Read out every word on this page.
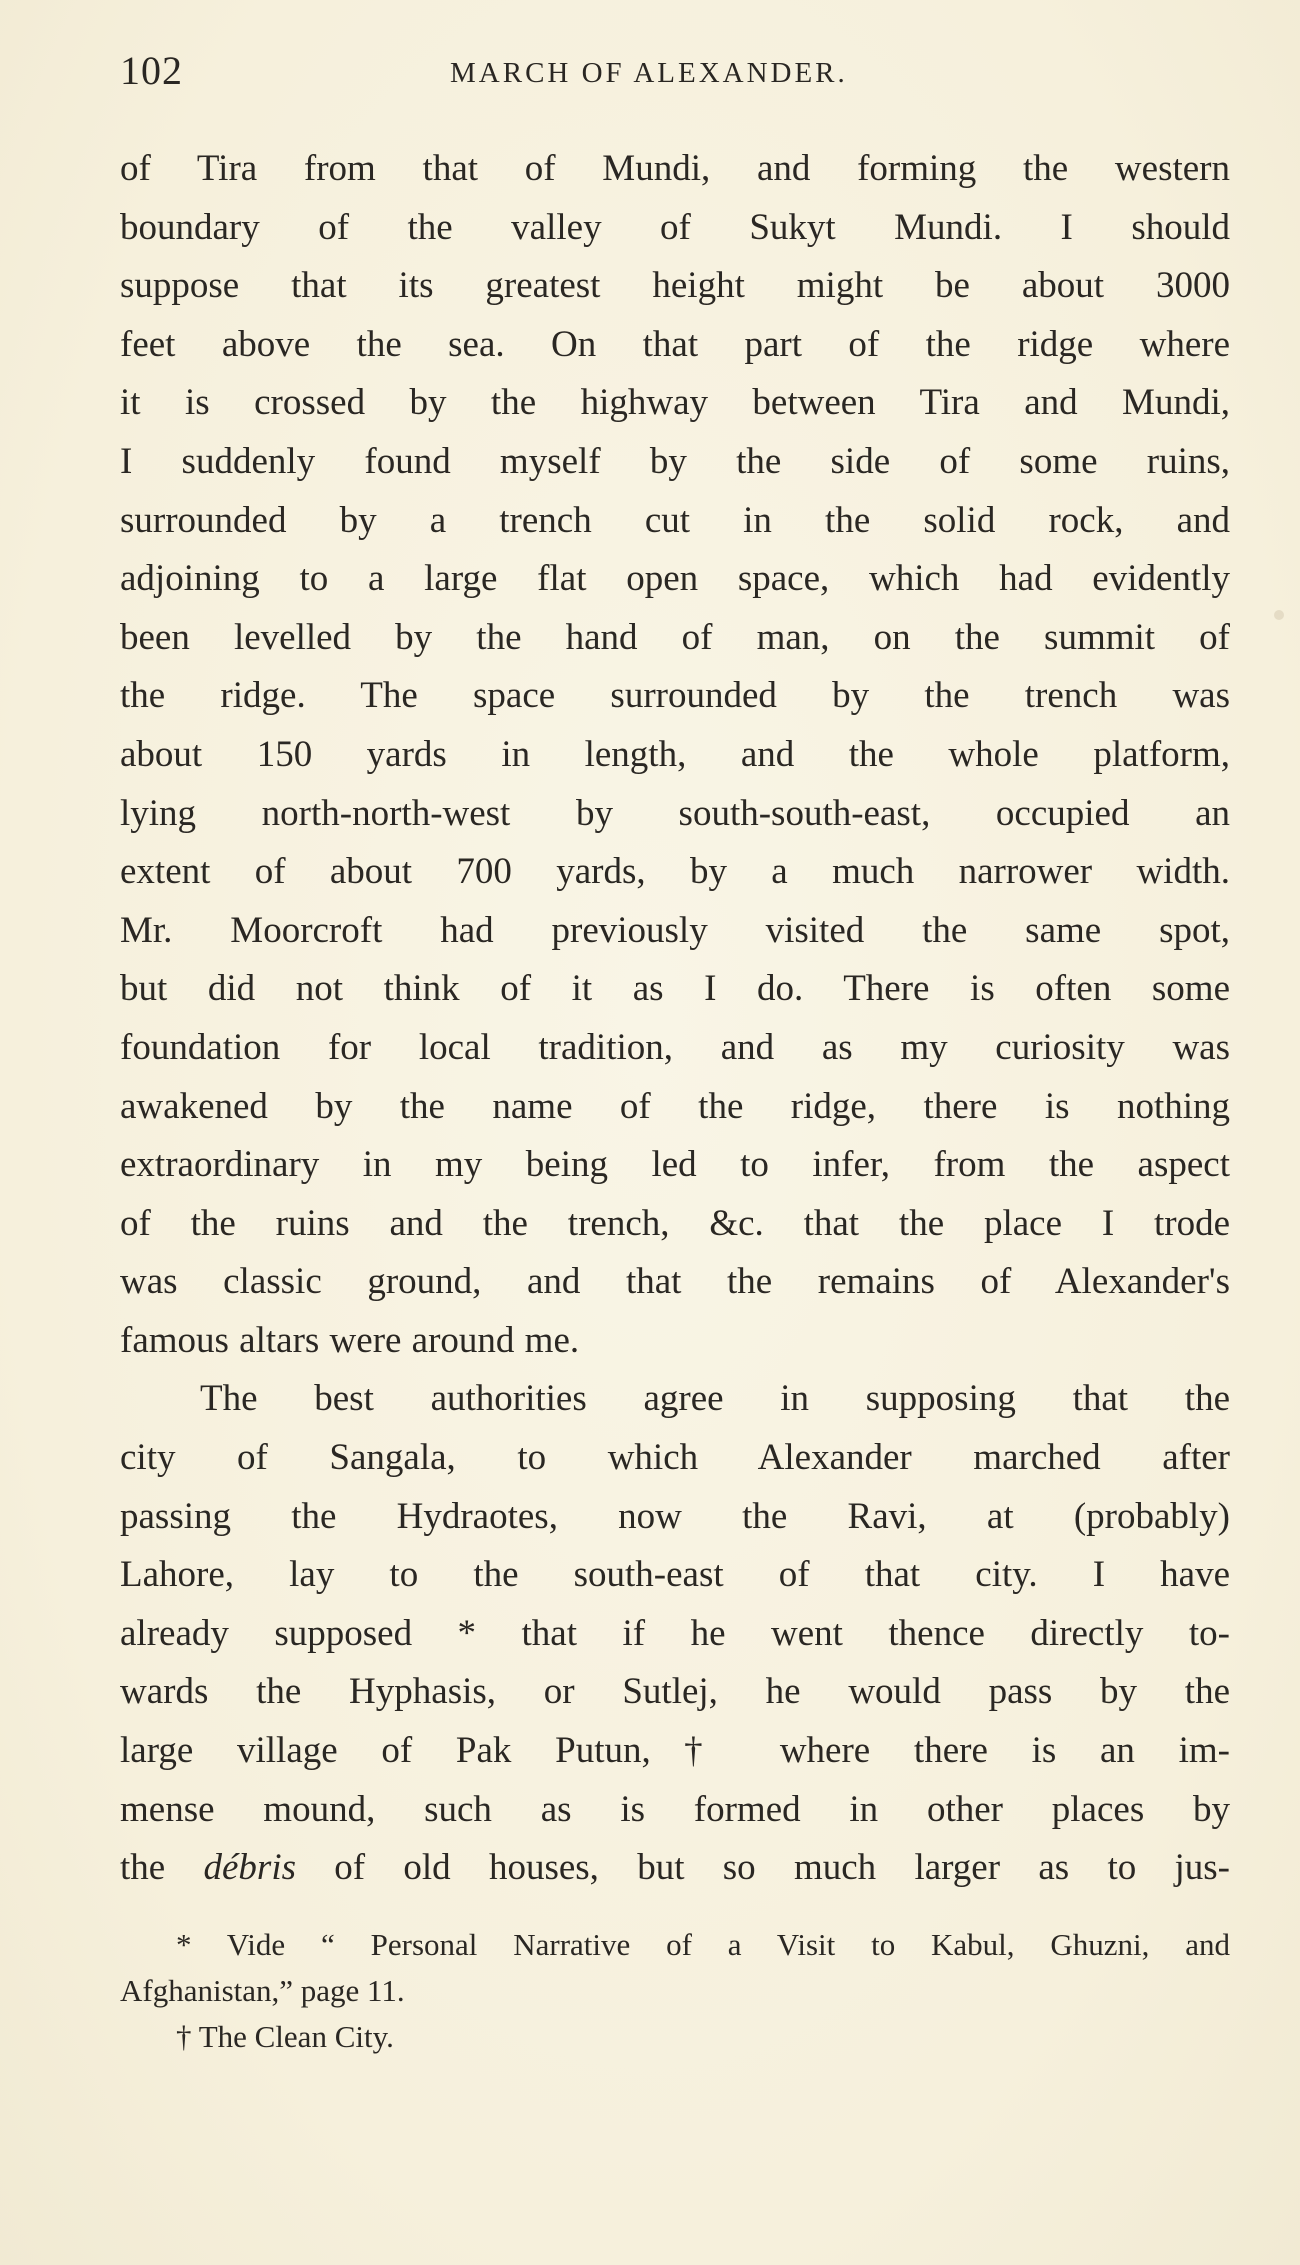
102	MARCH OF ALEXANDER.
of Tira from that of Mundi, and forming the western
boundary of the valley of Sukyt Mundi. I should
suppose that its greatest height might be about 3000
feet above the sea. On that part of the ridge where
it is crossed by the highway between Tira and Mundi,
I suddenly found myself by the side of some ruins,
surrounded by a trench cut in the solid rock, and
adjoining to a large flat open space, which had evidently
been levelled by the hand of man, on the summit of
the ridge. The space surrounded by the trench was
about 150 yards in length, and the whole platform,
lying north-north-west by south-south-east, occupied an
extent of about 700 yards, by a much narrower width.
Mr. Moorcroft had previously visited the same spot,
but did not think of it as I do. There is often some
foundation for local tradition, and as my curiosity was
awakened by the name of the ridge, there is nothing
extraordinary in my being led to infer, from the aspect
of the ruins and the trench, &c. that the place I trode
was classic ground, and that the remains of Alexander's
famous altars were around me.
The best authorities agree in supposing that the
city of Sangala, to which Alexander marched after
passing the Hydraotes, now the Ravi, at (probably)
Lahore, lay to the south-east of that city. I have
already supposed * that if he went thence directly to-
wards the Hyphasis, or Sutlej, he would pass by the
large village of Pak Putun,† where there is an im-
mense mound, such as is formed in other places by
the débris of old houses, but so much larger as to jus-
* Vide “ Personal Narrative of a Visit to Kabul, Ghuzni, and
Afghanistan,” page 11.
† The Clean City.
